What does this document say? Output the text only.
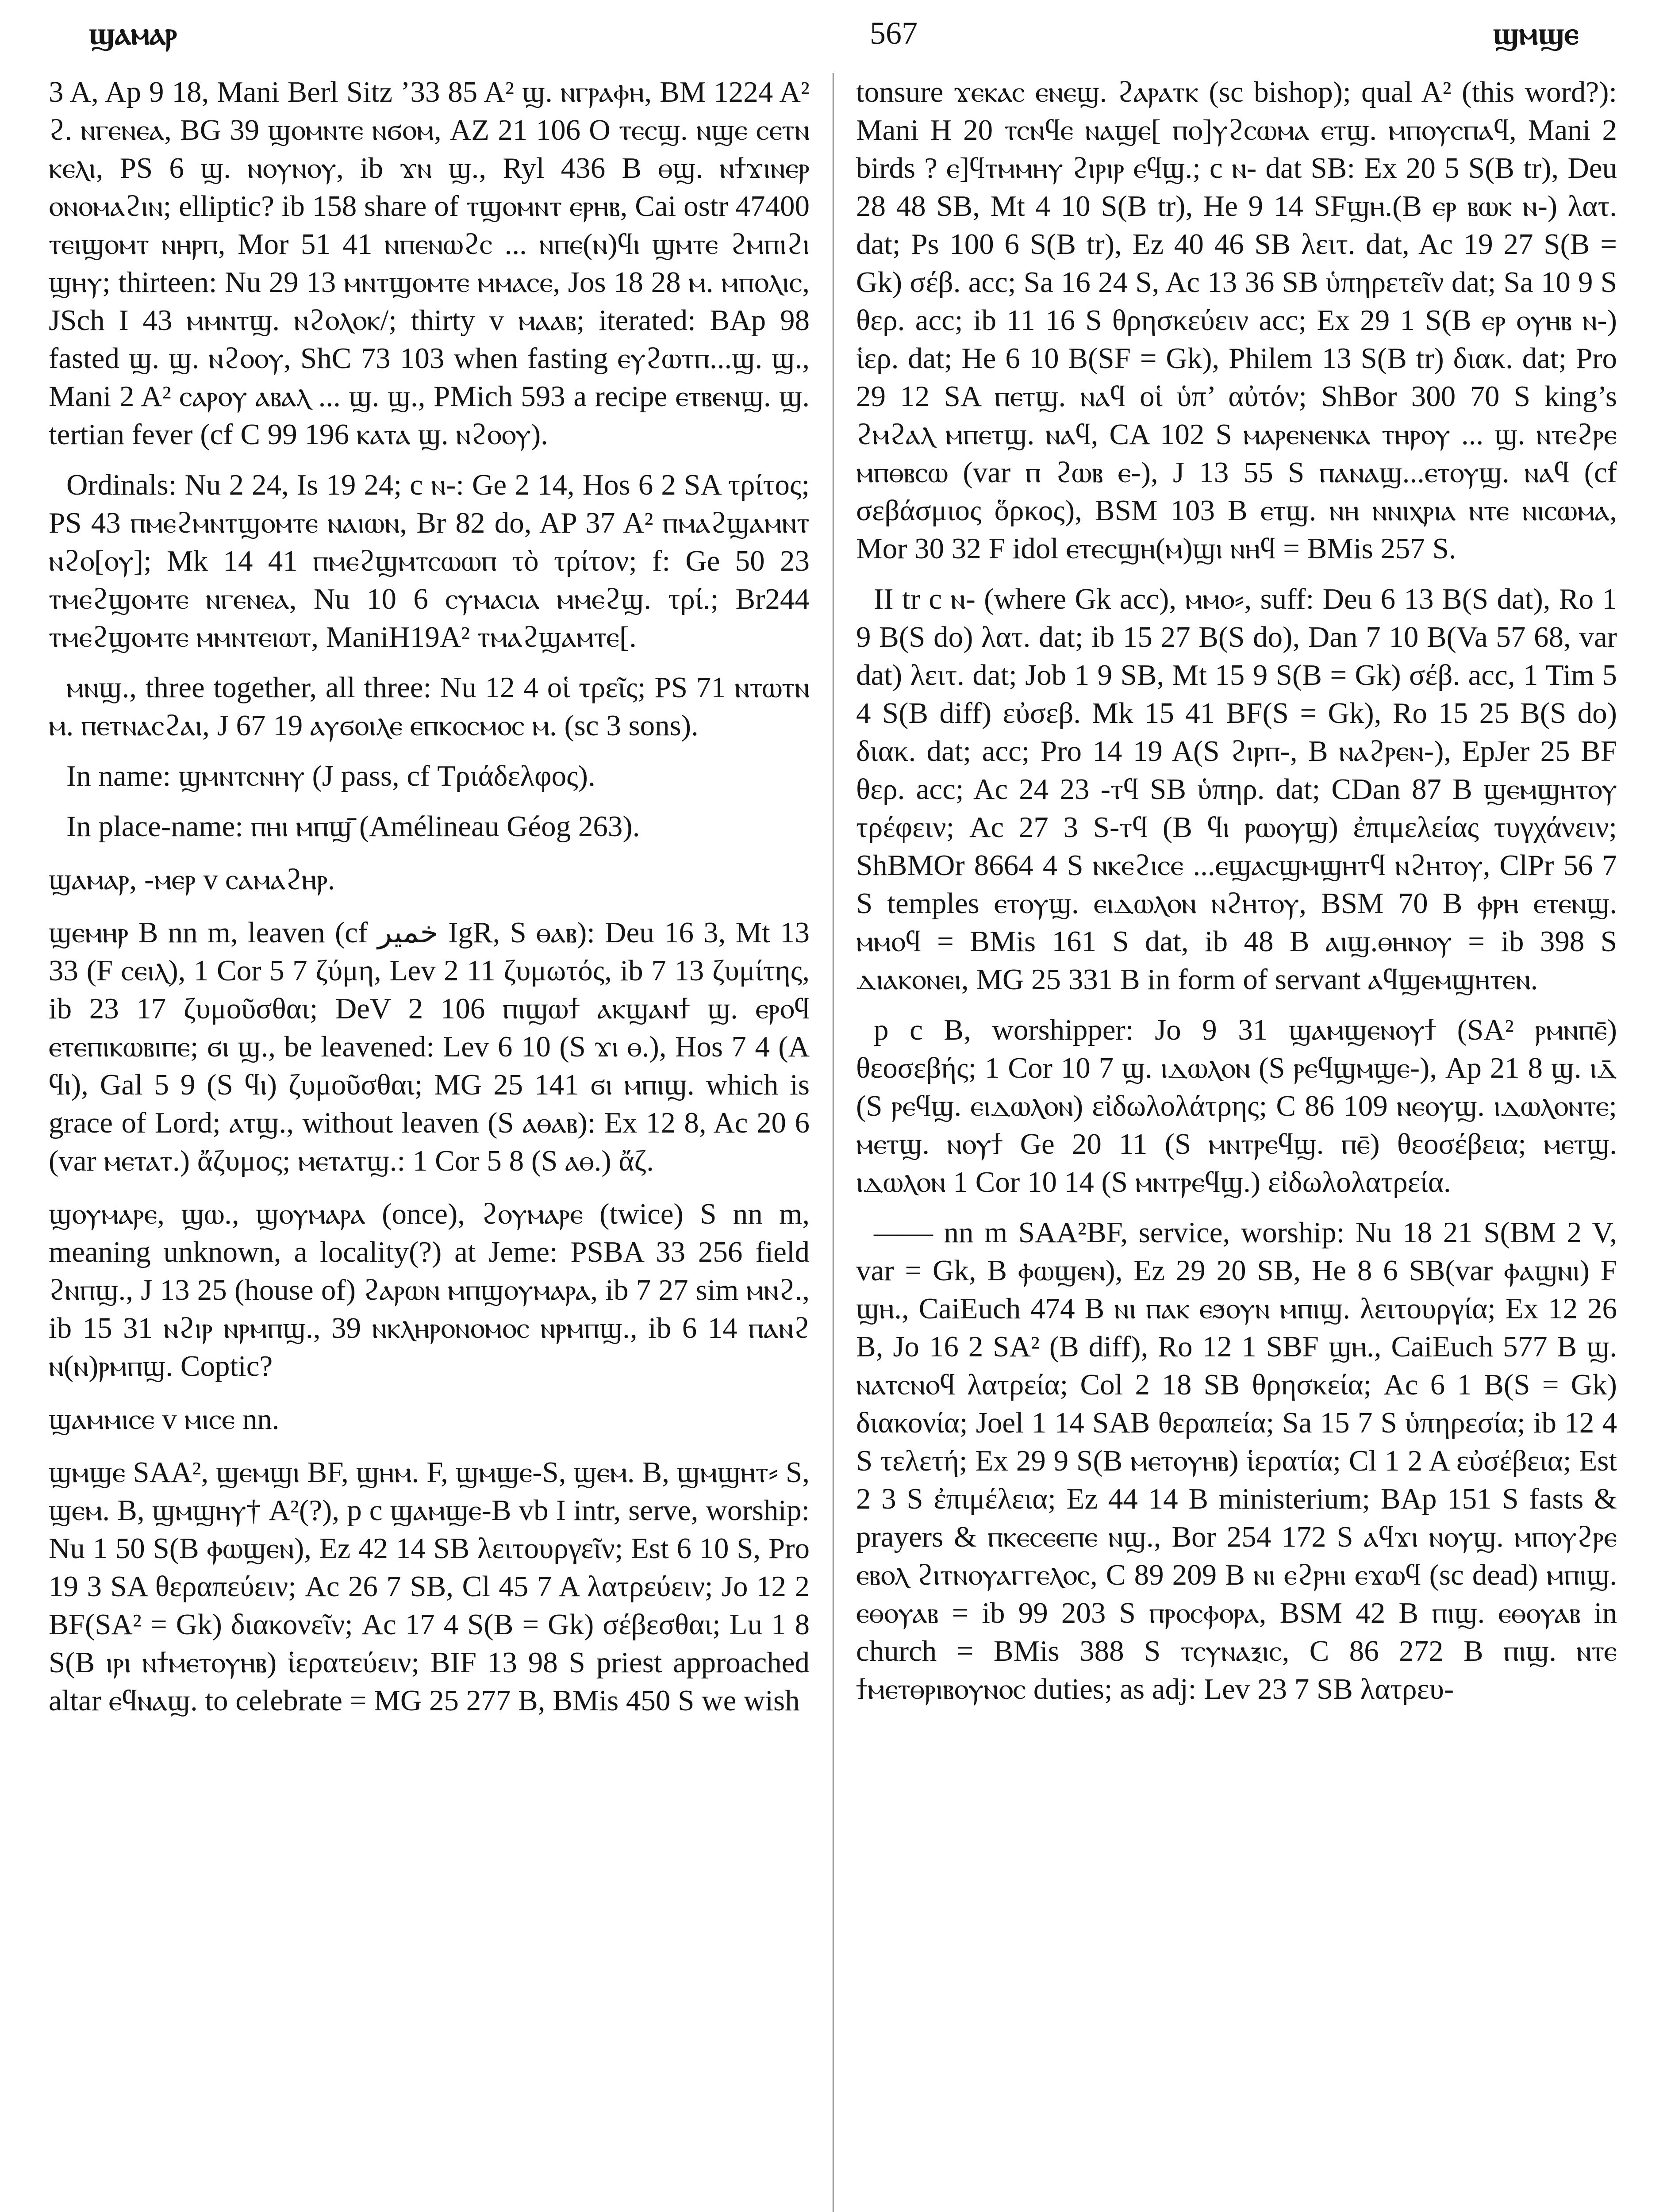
ϣⲁⲙⲁⲣ	567	ϣⲙϣⲉ

3 A, Ap 9 18, Mani Berl Sitz ’33 85 A² ϣ. ⲛⲅⲣⲁⲫⲏ, BM 1224 A² ϩ. ⲛⲅⲉⲛⲉⲁ, BG 39 ϣⲟⲙⲛⲧⲉ ⲛϭⲟⲙ, AZ 21 106 O ⲧⲉⲥϣ. ⲛϣⲉ ⲥⲉⲧⲛ ⲕⲉⲗⲓ, PS 6 ϣ. ⲛⲟⲩⲛⲟⲩ, ib ϫⲛ ϣ., Ryl 436 B ⲑϣ. ⲛϯϫⲓⲛⲉⲣ ⲟⲛⲟⲙⲁϩⲓⲛ; elliptic? ib 158 share of ⲧϣⲟⲙⲛⲧ ⲉⲣⲏⲃ, Cai ostr 47400 ⲧⲉⲓϣⲟⲙⲧ ⲛⲏⲣⲡ, Mor 51 41 ⲛⲡⲉⲛⲱϩⲥ ... ⲛⲡⲉ(ⲛ)ϥⲓ ϣⲙⲧⲉ ϩⲙⲡⲓϩⲓ ϣⲏⲩ; thirteen: Nu 29 13 ⲙⲛⲧϣⲟⲙⲧⲉ ⲙⲙⲁⲥⲉ, Jos 18 28 ⲙ. ⲙⲡⲟⲗⲓⲥ, JSch I 43 ⲙⲙⲛⲧϣ. ⲛϩⲟⲗⲟⲕ/; thirty v ⲙⲁⲁⲃ; iterated: BAp 98 fasted ϣ. ϣ. ⲛϩⲟⲟⲩ, ShC 73 103 when fasting ⲉⲩϩⲱⲧⲡ...ϣ. ϣ., Mani 2 A² ⲥⲁⲣⲟⲩ ⲁⲃⲁⲗ ... ϣ. ϣ., PMich 593 a recipe ⲉⲧⲃⲉⲛϣ. ϣ. tertian fever (cf C 99 196 ⲕⲁⲧⲁ ϣ. ⲛϩⲟⲟⲩ).

Ordinals: Nu 2 24, Is 19 24; c ⲛ-: Ge 2 14, Hos 6 2 SA τρίτος; PS 43 ⲡⲙⲉϩⲙⲛⲧϣⲟⲙⲧⲉ ⲛⲁⲓⲱⲛ, Br 82 do, AP 37 A² ⲡⲙⲁϩϣⲁⲙⲛⲧ ⲛϩⲟ[ⲟⲩ]; Mk 14 41 ⲡⲙⲉϩϣⲙⲧⲥⲱⲱⲡ τὸ τρίτον; f: Ge 50 23 ⲧⲙⲉϩϣⲟⲙⲧⲉ ⲛⲅⲉⲛⲉⲁ, Nu 10 6 ⲥⲩⲙⲁⲥⲓⲁ ⲙⲙⲉϩϣ. τρί.; Br244 ⲧⲙⲉϩϣⲟⲙⲧⲉ ⲙⲙⲛⲧⲉⲓⲱⲧ, ManiH19A² ⲧⲙⲁϩϣⲁⲙⲧⲉ[.

ⲙⲛϣ., three together, all three: Nu 12 4 οἱ τρεῖς; PS 71 ⲛⲧⲱⲧⲛ ⲙ. ⲡⲉⲧⲛⲁⲥϩⲁⲓ, J 67 19 ⲁⲩϭⲟⲓⲗⲉ ⲉⲡⲕⲟⲥⲙⲟⲥ ⲙ. (sc 3 sons).

In name: ϣⲙⲛⲧⲥⲛⲏⲩ (J pass, cf Τριάδελφος).

In place-name: ⲡⲏⲓ ⲙⲡϣ̄ (Amélineau Géog 263).

ϣⲁⲙⲁⲣ, -ⲙⲉⲣ v ⲥⲁⲙⲁϩⲏⲣ.

ϣⲉⲙⲏⲣ B nn m, leaven (cf خمير IgR, S ⲑⲁⲃ): Deu 16 3, Mt 13 33 (F ⲥⲉⲓⲗ), 1 Cor 5 7 ζύμη, Lev 2 11 ζυμωτός, ib 7 13 ζυμίτης, ib 23 17 ζυμοῦσθαι; DeV 2 106 ⲡⲓϣⲱϯ ⲁⲕϣⲁⲛϯ ϣ. ⲉⲣⲟϥ ⲉⲧⲉⲡⲓⲕⲱⲃⲓⲡⲉ; ϭⲓ ϣ., be leavened: Lev 6 10 (S ϫⲓ ⲑ.), Hos 7 4 (A ϥⲓ), Gal 5 9 (S ϥⲓ) ζυμοῦσθαι; MG 25 141 ϭⲓ ⲙⲡⲓϣ. which is grace of Lord; ⲁⲧϣ., without leaven (S ⲁⲑⲁⲃ): Ex 12 8, Ac 20 6 (var ⲙⲉⲧⲁⲧ.) ἄζυμος; ⲙⲉⲧⲁⲧϣ.: 1 Cor 5 8 (S ⲁⲑ.) ἄζ.

ϣⲟⲩⲙⲁⲣⲉ, ϣⲱ., ϣⲟⲩⲙⲁⲣⲁ (once), ϩⲟⲩⲙⲁⲣⲉ (twice) S nn m, meaning unknown, a locality(?) at Jeme: PSBA 33 256 field ϩⲛⲡϣ., J 13 25 (house of) ϩⲁⲣⲱⲛ ⲙⲡϣⲟⲩⲙⲁⲣⲁ, ib 7 27 sim ⲙⲛϩ., ib 15 31 ⲛϩⲓⲣ ⲛⲣⲙⲡϣ., 39 ⲛⲕⲗⲏⲣⲟⲛⲟⲙⲟⲥ ⲛⲣⲙⲡϣ., ib 6 14 ⲡⲁⲛϩ ⲛ(ⲛ)ⲣⲙⲡϣ. Coptic?

ϣⲁⲙⲙⲓⲥⲉ v ⲙⲓⲥⲉ nn.

ϣⲙϣⲉ SAA², ϣⲉⲙϣⲓ BF, ϣⲏⲙ. F, ϣⲙϣⲉ-S, ϣⲉⲙ. B, ϣⲙϣⲏⲧ⸗ S, ϣⲉⲙ. B, ϣⲙϣⲏⲩ† A²(?), p c ϣⲁⲙϣⲉ-B vb I intr, serve, worship: Nu 1 50 S(B ⲫⲱϣⲉⲛ), Ez 42 14 SB λειτουργεῖν; Est 6 10 S, Pro 19 3 SA θεραπεύειν; Ac 26 7 SB, Cl 45 7 A λατρεύειν; Jo 12 2 BF(SA² = Gk) διακονεῖν; Ac 17 4 S(B = Gk) σέβεσθαι; Lu 1 8 S(B ⲓⲣⲓ ⲛϯⲙⲉⲧⲟⲩⲏⲃ) ἱερατεύειν; BIF 13 98 S priest approached altar ⲉϥⲛⲁϣ. to celebrate = MG 25 277 B, BMis 450 S we wish

tonsure ϫⲉⲕⲁⲥ ⲉⲛⲉϣ. ϩⲁⲣⲁⲧⲕ (sc bishop); qual A² (this word?): Mani H 20 ⲧⲥⲛϥⲉ ⲛⲁϣⲉ[ ⲡⲟ]ⲩϩⲥⲱⲙⲁ ⲉⲧϣ. ⲙⲡⲟⲩⲥⲡⲁϥ, Mani 2 birds ? ⲉ]ϥⲧⲙⲙⲏⲩ ϩⲓⲣⲓⲣ ⲉϥϣ.; c ⲛ- dat SB: Ex 20 5 S(B tr), Deu 28 48 SB, Mt 4 10 S(B tr), He 9 14 SFϣⲏ.(B ⲉⲣ ⲃⲱⲕ ⲛ-) λατ. dat; Ps 100 6 S(B tr), Ez 40 46 SB λειτ. dat, Ac 19 27 S(B = Gk) σέβ. acc; Sa 16 24 S, Ac 13 36 SB ὑπηρετεῖν dat; Sa 10 9 S θερ. acc; ib 11 16 S θρησκεύειν acc; Ex 29 1 S(B ⲉⲣ ⲟⲩⲏⲃ ⲛ-) ἱερ. dat; He 6 10 B(SF = Gk), Philem 13 S(B tr) διακ. dat; Pro 29 12 SA ⲡⲉⲧϣ. ⲛⲁϥ οἱ ὑπ’ αὐτόν; ShBor 300 70 S king’s ϩⲙϩⲁⲗ ⲙⲡⲉⲧϣ. ⲛⲁϥ, CA 102 S ⲙⲁⲣⲉⲛⲉⲛⲕⲁ ⲧⲏⲣⲟⲩ ... ϣ. ⲛⲧⲉϩⲣⲉ ⲙⲡⲑⲃⲥⲱ (var ⲡ ϩⲱⲃ ⲉ-), J 13 55 S ⲡⲁⲛⲁϣ...ⲉⲧⲟⲩϣ. ⲛⲁϥ (cf σεβάσμιος ὅρκος), BSM 103 B ⲉⲧϣ. ⲛⲏ ⲛⲛⲓⲭⲣⲓⲁ ⲛⲧⲉ ⲛⲓⲥⲱⲙⲁ, Mor 30 32 F idol ⲉⲧⲉⲥϣⲏ(ⲙ)ϣⲓ ⲛⲏϥ = BMis 257 S.

II tr c ⲛ- (where Gk acc), ⲙⲙⲟ⸗, suff: Deu 6 13 B(S dat), Ro 1 9 B(S do) λατ. dat; ib 15 27 B(S do), Dan 7 10 B(Va 57 68, var dat) λειτ. dat; Job 1 9 SB, Mt 15 9 S(B = Gk) σέβ. acc, 1 Tim 5 4 S(B diff) εὐσεβ. Mk 15 41 BF(S = Gk), Ro 15 25 B(S do) διακ. dat; acc; Pro 14 19 A(S ϩⲓⲣⲡ-, B ⲛⲁϩⲣⲉⲛ-), EpJer 25 BF θερ. acc; Ac 24 23 -ⲧϥ SB ὑπηρ. dat; CDan 87 B ϣⲉⲙϣⲏⲧⲟⲩ τρέφειν; Ac 27 3 S-ⲧϥ (B ϥⲓ ⲣⲱⲟⲩϣ) ἐπιμελείας τυγχάνειν; ShBMOr 8664 4 S ⲛⲕⲉϩⲓⲥⲉ ...ⲉϣⲁⲥϣⲙϣⲏⲧϥ ⲛϩⲏⲧⲟⲩ, ClPr 56 7 S temples ⲉⲧⲟⲩϣ. ⲉⲓⲇⲱⲗⲟⲛ ⲛϩⲏⲧⲟⲩ, BSM 70 B ⲫⲣⲏ ⲉⲧⲉⲛϣ. ⲙⲙⲟϥ = BMis 161 S dat, ib 48 B ⲁⲓϣ.ⲑⲏⲛⲟⲩ = ib 398 S ⲇⲓⲁⲕⲟⲛⲉⲓ, MG 25 331 B in form of servant ⲁϥϣⲉⲙϣⲏⲧⲉⲛ.

p c B, worshipper: Jo 9 31 ϣⲁⲙϣⲉⲛⲟⲩϯ (SA² ⲣⲙⲛⲡⲉ̄) θεοσεβής; 1 Cor 10 7 ϣ. ⲓⲇⲱⲗⲟⲛ (S ⲣⲉϥϣⲙϣⲉ-), Ap 21 8 ϣ. ⲓⲇ̄ (S ⲣⲉϥϣ. ⲉⲓⲇⲱⲗⲟⲛ) εἰδωλολάτρης; C 86 109 ⲛⲉⲟⲩϣ. ⲓⲇⲱⲗⲟⲛⲧⲉ; ⲙⲉⲧϣ. ⲛⲟⲩϯ Ge 20 11 (S ⲙⲛⲧⲣⲉϥϣ. ⲡⲉ̄) θεοσέβεια; ⲙⲉⲧϣ. ⲓⲇⲱⲗⲟⲛ 1 Cor 10 14 (S ⲙⲛⲧⲣⲉϥϣ.) εἰδωλολατρεία.

—— nn m SAA²BF, service, worship: Nu 18 21 S(BM 2 V, var = Gk, B ⲫⲱϣⲉⲛ), Ez 29 20 SB, He 8 6 SB(var ⲫⲁϣⲛⲓ) F ϣⲏ., CaiEuch 474 B ⲛⲓ ⲡⲁⲕ ⲉϧⲟⲩⲛ ⲙⲡⲓϣ. λειτουργία; Ex 12 26 B, Jo 16 2 SA² (B diff), Ro 12 1 SBF ϣⲏ., CaiEuch 577 B ϣ. ⲛⲁⲧⲥⲛⲟϥ λατρεία; Col 2 18 SB θρησκεία; Ac 6 1 B(S = Gk) διακονία; Joel 1 14 SAB θεραπεία; Sa 15 7 S ὑπηρεσία; ib 12 4 S τελετή; Ex 29 9 S(B ⲙⲉⲧⲟⲩⲏⲃ) ἱερατία; Cl 1 2 A εὐσέβεια; Est 2 3 S ἐπιμέλεια; Ez 44 14 B ministerium; BAp 151 S fasts & prayers & ⲡⲕⲉⲥⲉⲉⲡⲉ ⲛϣ., Bor 254 172 S ⲁϥϫⲓ ⲛⲟⲩϣ. ⲙⲡⲟⲩϩⲣⲉ ⲉⲃⲟⲗ ϩⲓⲧⲛⲟⲩⲁⲅⲅⲉⲗⲟⲥ, C 89 209 B ⲛⲓ ⲉϩⲣⲏⲓ ⲉϫⲱϥ (sc dead) ⲙⲡⲓϣ. ⲉⲑⲟⲩⲁⲃ = ib 99 203 S ⲡⲣⲟⲥⲫⲟⲣⲁ, BSM 42 B ⲡⲓϣ. ⲉⲑⲟⲩⲁⲃ in church = BMis 388 S ⲧⲥⲩⲛⲁⲝⲓⲥ, C 86 272 B ⲡⲓϣ. ⲛⲧⲉ ϯⲙⲉⲧⲑⲣⲓⲃⲟⲩⲛⲟⲥ duties; as adj: Lev 23 7 SB λατρευ-
